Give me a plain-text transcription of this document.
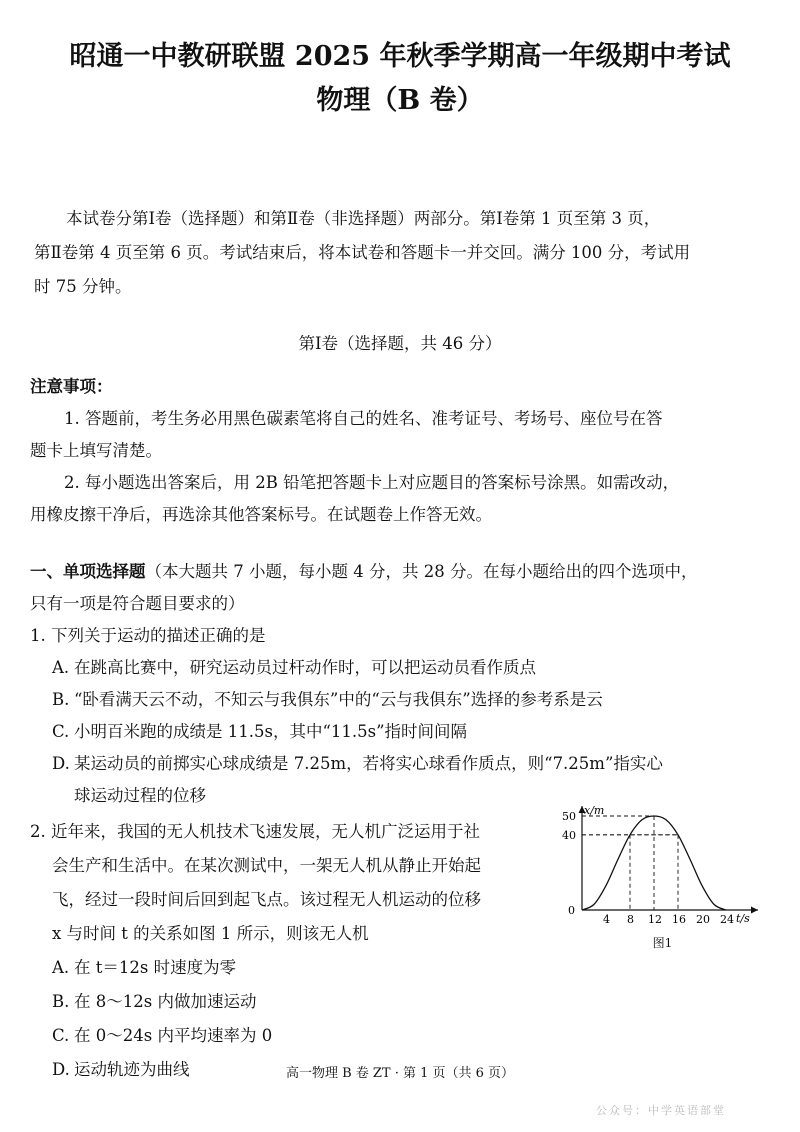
昭通一中教研联盟 2025 年秋季学期高一年级期中考试
物理（B 卷）
本试卷分第Ⅰ卷（选择题）和第Ⅱ卷（非选择题）两部分。第Ⅰ卷第 1 页至第 3 页，
第Ⅱ卷第 4 页至第 6 页。考试结束后，将本试卷和答题卡一并交回。满分 100 分，考试用
时 75 分钟。
第Ⅰ卷（选择题，共 46 分）
注意事项：
1. 答题前，考生务必用黑色碳素笔将自己的姓名、准考证号、考场号、座位号在答
题卡上填写清楚。
2. 每小题选出答案后，用 2B 铅笔把答题卡上对应题目的答案标号涂黑。如需改动，
用橡皮擦干净后，再选涂其他答案标号。在试题卷上作答无效。
一、单项选择题（本大题共 7 小题，每小题 4 分，共 28 分。在每小题给出的四个选项中，
只有一项是符合题目要求的）
1. 下列关于运动的描述正确的是
A. 在跳高比赛中，研究运动员过杆动作时，可以把运动员看作质点
B. “卧看满天云不动，不知云与我俱东”中的“云与我俱东”选择的参考系是云
C. 小明百米跑的成绩是 11.5s，其中“11.5s”指时间间隔
D. 某运动员的前掷实心球成绩是 7.25m，若将实心球看作质点，则“7.25m”指实心
球运动过程的位移
2. 近年来，我国的无人机技术飞速发展，无人机广泛运用于社
会生产和生活中。在某次测试中，一架无人机从静止开始起
飞，经过一段时间后回到起飞点。该过程无人机运动的位移
x 与时间 t 的关系如图 1 所示，则该无人机
A. 在 t＝12s 时速度为零
B. 在 8～12s 内做加速运动
C. 在 0～24s 内平均速率为 0
D. 运动轨迹为曲线
x/m
t/s
0
50
40
4 8 12 16 20 24
图1
高一物理 B 卷 ZT · 第 1 页（共 6 页）
公众号：中学英语部堂
